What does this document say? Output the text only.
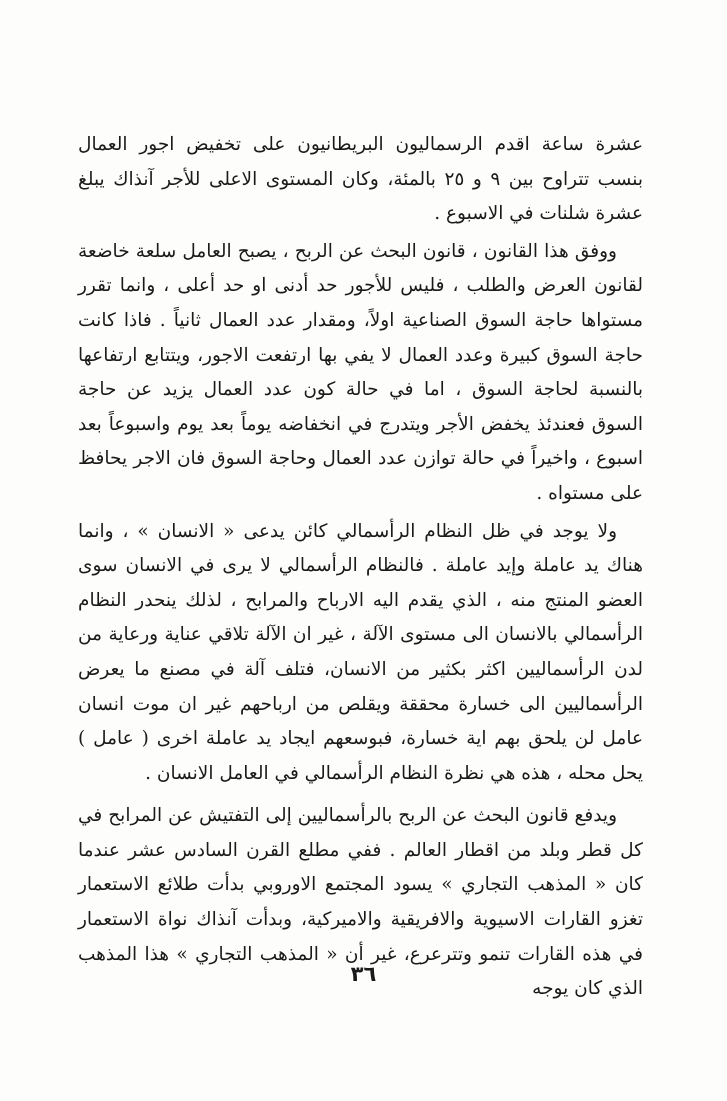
عشرة ساعة اقدم الرسماليون البريطانيون على تخفيض اجور العمال بنسب تتراوح بين ٩ و ٢٥ بالمئة، وكان المستوى الاعلى للأجر آنذاك يبلغ عشرة شلنات في الاسبوع .

ووفق هذا القانون ، قانون البحث عن الربح ، يصبح العامل سلعة خاضعة لقانون العرض والطلب ، فليس للأجور حد أدنى او حد أعلى ، وانما تقرر مستواها حاجة السوق الصناعية اولاً، ومقدار عدد العمال ثانياً . فاذا كانت حاجة السوق كبيرة وعدد العمال لا يفي بها ارتفعت الاجور، ويتتابع ارتفاعها بالنسبة لحاجة السوق ، اما في حالة كون عدد العمال يزيد عن حاجة السوق فعندئذ يخفض الأجر ويتدرج في انخفاضه يوماً بعد يوم واسبوعاً بعد اسبوع ، واخيراً في حالة توازن عدد العمال وحاجة السوق فان الاجر يحافظ على مستواه .

ولا يوجد في ظل النظام الرأسمالي كائن يدعى « الانسان » ، وانما هناك يد عاملة وإيد عاملة . فالنظام الرأسمالي لا يرى في الانسان سوى العضو المنتج منه ، الذي يقدم اليه الارباح والمرابح ، لذلك ينحدر النظام الرأسمالي بالانسان الى مستوى الآلة ، غير ان الآلة تلاقي عناية ورعاية من لدن الرأسماليين اكثر بكثير من الانسان، فتلف آلة في مصنع ما يعرض الرأسماليين الى خسارة محققة ويقلص من ارباحهم غير ان موت انسان عامل لن يلحق بهم اية خسارة، فبوسعهم ايجاد يد عاملة اخرى ( عامل ) يحل محله ، هذه هي نظرة النظام الرأسمالي في العامل الانسان .

ويدفع قانون البحث عن الربح بالرأسماليين إلى التفتيش عن المرابح في كل قطر وبلد من اقطار العالم . ففي مطلع القرن السادس عشر عندما كان « المذهب التجاري » يسود المجتمع الاوروبي بدأت طلائع الاستعمار تغزو القارات الاسيوية والافريقية والاميركية، وبدأت آنذاك نواة الاستعمار في هذه القارات تنمو وتترعرع، غير أن « المذهب التجاري » هذا المذهب الذي كان يوجه

٣٦
